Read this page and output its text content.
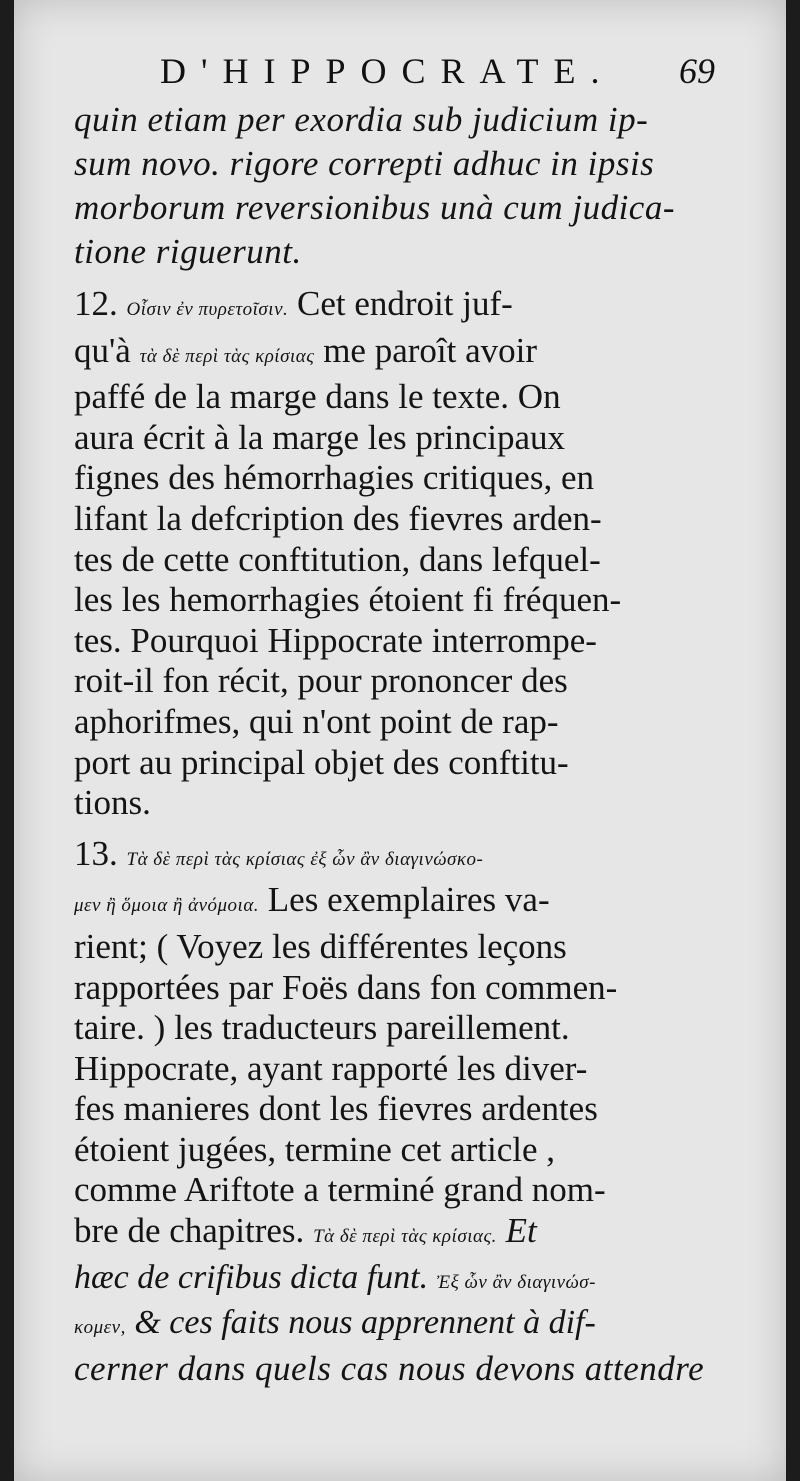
D'HIPPOCRATE. 69
quin etiam per exordia sub judicium ip-
sum novo. rigore correpti adhuc in ipsis
morborum reversionibus unà cum judica-
tione riguerunt.
12. Οἷσιν ἐν πυρετοῖσιν. Cet endroit juf-
qu'à τὰ δὲ περὶ τὰς κρίσιας me paroît avoir
paffé de la marge dans le texte. On
aura écrit à la marge les principaux
fignes des hémorrhagies critiques, en
lifant la defcription des fievres arden-
tes de cette conftitution, dans lefquel-
les les hemorrhagies étoient fi fréquen-
tes. Pourquoi Hippocrate interrompe-
roit-il fon récit, pour prononcer des
aphorifmes, qui n'ont point de rap-
port au principal objet des conftitu-
tions.
13. Τὰ δὲ περὶ τὰς κρίσιας ἐξ ὧν ἂν διαγινώσκο-
μεν ἢ ὅμοια ἢ ἀνόμοια. Les exemplaires va-
rient; ( Voyez les différentes leçons
rapportées par Foës dans fon commen-
taire. ) les traducteurs pareillement.
Hippocrate, ayant rapporté les diver-
fes manieres dont les fievres ardentes
étoient jugées, termine cet article ,
comme Ariftote a terminé grand nom-
bre de chapitres. Τὰ δὲ περὶ τὰς κρίσιας. Et
hæc de crifibus dicta funt. Ἐξ ὧν ἂν διαγινώσ-
κομεν, & ces faits nous apprennent à dif-
cerner dans quels cas nous devons attendre
